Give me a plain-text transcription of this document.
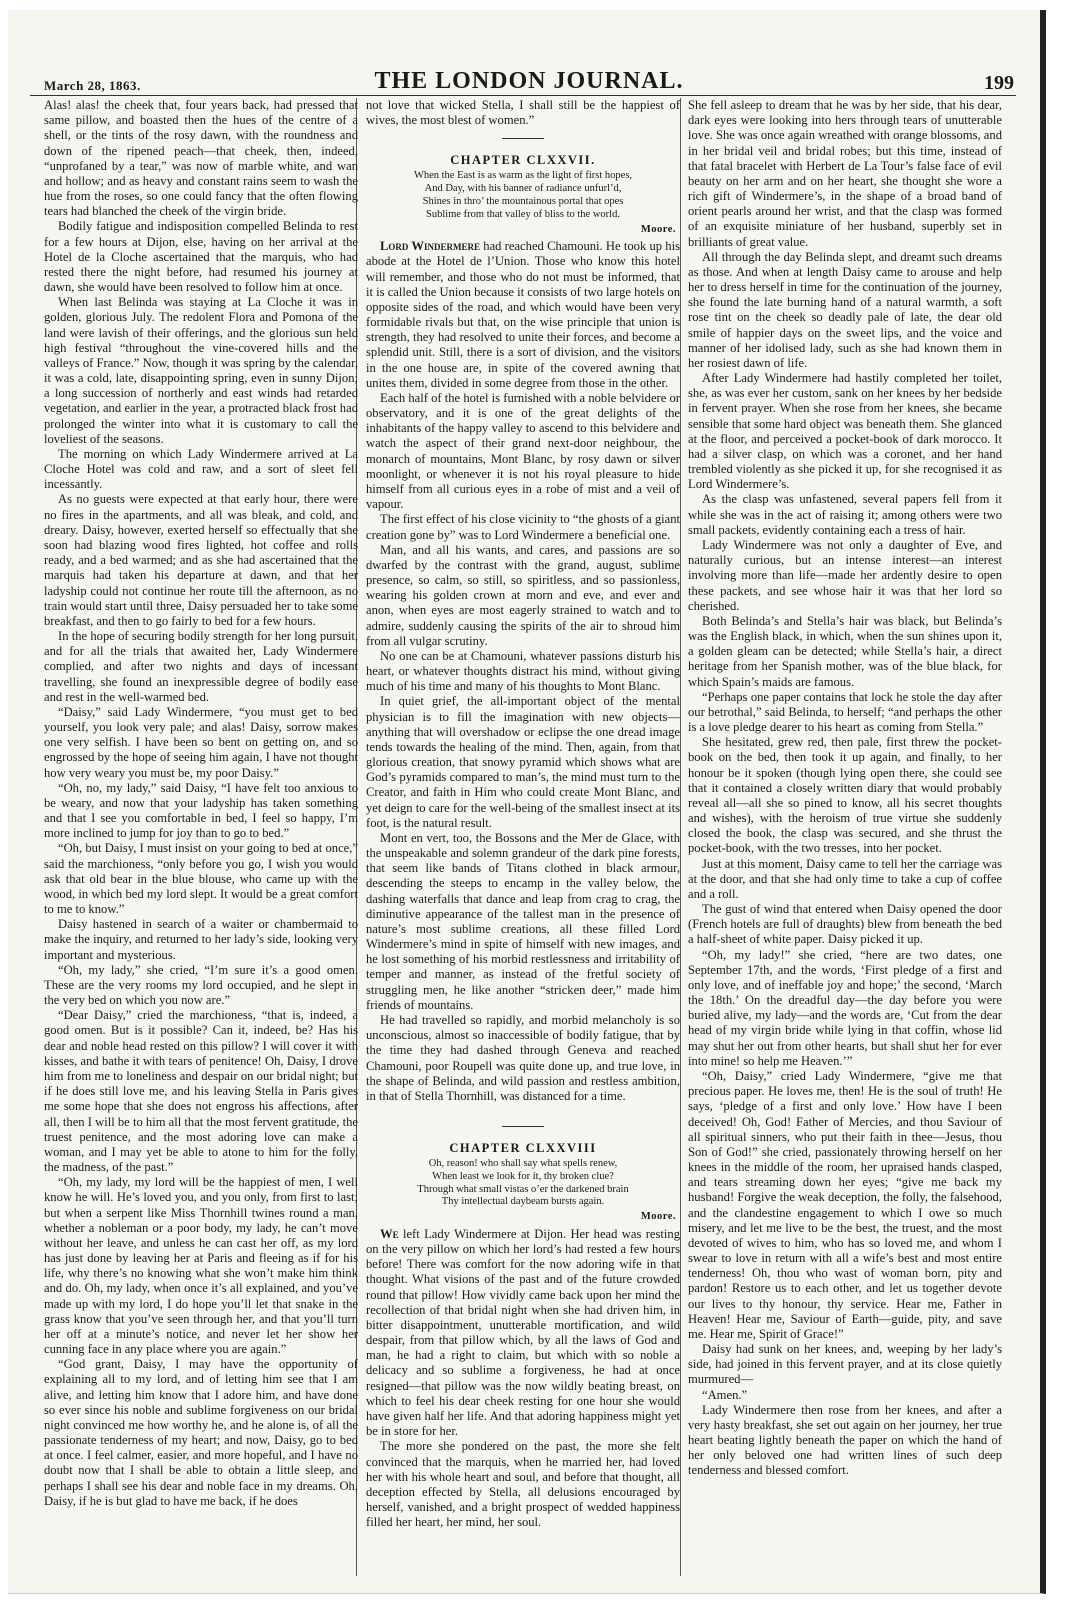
March 28, 1863.	THE LONDON JOURNAL.	199

Alas! alas! the cheek that, four years back, had pressed that same pillow, and boasted then the hues of the centre of a shell, or the tints of the rosy dawn, with the roundness and down of the ripened peach—that cheek, then, indeed, “unprofaned by a tear,” was now of marble white, and wan and hollow; and as heavy and constant rains seem to wash the hue from the roses, so one could fancy that the often flowing tears had blanched the cheek of the virgin bride.

Bodily fatigue and indisposition compelled Belinda to rest for a few hours at Dijon, else, having on her arrival at the Hotel de la Cloche ascertained that the marquis, who had rested there the night before, had resumed his journey at dawn, she would have been resolved to follow him at once.

When last Belinda was staying at La Cloche it was in golden, glorious July. The redolent Flora and Pomona of the land were lavish of their offerings, and the glorious sun held high festival “throughout the vine-covered hills and the valleys of France.” Now, though it was spring by the calendar, it was a cold, late, disappointing spring, even in sunny Dijon; a long succession of northerly and east winds had retarded vegetation, and earlier in the year, a protracted black frost had prolonged the winter into what it is customary to call the loveliest of the seasons.

The morning on which Lady Windermere arrived at La Cloche Hotel was cold and raw, and a sort of sleet fell incessantly.

As no guests were expected at that early hour, there were no fires in the apartments, and all was bleak, and cold, and dreary. Daisy, however, exerted herself so effectually that she soon had blazing wood fires lighted, hot coffee and rolls ready, and a bed warmed; and as she had ascertained that the marquis had taken his departure at dawn, and that her ladyship could not continue her route till the afternoon, as no train would start until three, Daisy persuaded her to take some breakfast, and then to go fairly to bed for a few hours.

In the hope of securing bodily strength for her long pursuit, and for all the trials that awaited her, Lady Windermere complied, and after two nights and days of incessant travelling, she found an inexpressible degree of bodily ease and rest in the well-warmed bed.

“Daisy,” said Lady Windermere, “you must get to bed yourself, you look very pale; and alas! Daisy, sorrow makes one very selfish. I have been so bent on getting on, and so engrossed by the hope of seeing him again, I have not thought how very weary you must be, my poor Daisy.”

“Oh, no, my lady,” said Daisy, “I have felt too anxious to be weary, and now that your ladyship has taken something and that I see you comfortable in bed, I feel so happy, I’m more inclined to jump for joy than to go to bed.”

“Oh, but Daisy, I must insist on your going to bed at once,” said the marchioness, “only before you go, I wish you would ask that old bear in the blue blouse, who came up with the wood, in which bed my lord slept. It would be a great comfort to me to know.”

Daisy hastened in search of a waiter or chambermaid to make the inquiry, and returned to her lady’s side, looking very important and mysterious.

“Oh, my lady,” she cried, “I’m sure it’s a good omen. These are the very rooms my lord occupied, and he slept in the very bed on which you now are.”

“Dear Daisy,” cried the marchioness, “that is, indeed, a good omen. But is it possible? Can it, indeed, be? Has his dear and noble head rested on this pillow? I will cover it with kisses, and bathe it with tears of penitence! Oh, Daisy, I drove him from me to loneliness and despair on our bridal night; but if he does still love me, and his leaving Stella in Paris gives me some hope that she does not engross his affections, after all, then I will be to him all that the most fervent gratitude, the truest penitence, and the most adoring love can make a woman, and I may yet be able to atone to him for the folly, the madness, of the past.”

“Oh, my lady, my lord will be the happiest of men, I well know he will. He’s loved you, and you only, from first to last; but when a serpent like Miss Thornhill twines round a man, whether a nobleman or a poor body, my lady, he can’t move without her leave, and unless he can cast her off, as my lord has just done by leaving her at Paris and fleeing as if for his life, why there’s no knowing what she won’t make him think and do. Oh, my lady, when once it’s all explained, and you’ve made up with my lord, I do hope you’ll let that snake in the grass know that you’ve seen through her, and that you’ll turn her off at a minute’s notice, and never let her show her cunning face in any place where you are again.”

“God grant, Daisy, I may have the opportunity of explaining all to my lord, and of letting him see that I am alive, and letting him know that I adore him, and have done so ever since his noble and sublime forgiveness on our bridal night convinced me how worthy he, and he alone is, of all the passionate tenderness of my heart; and now, Daisy, go to bed at once. I feel calmer, easier, and more hopeful, and I have no doubt now that I shall be able to obtain a little sleep, and perhaps I shall see his dear and noble face in my dreams. Oh, Daisy, if he is but glad to have me back, if he does

not love that wicked Stella, I shall still be the happiest of wives, the most blest of women.”

CHAPTER CLXXVII.
When the East is as warm as the light of first hopes,
And Day, with his banner of radiance unfurl’d,
Shines in thro’ the mountainous portal that opes
Sublime from that valley of bliss to the world.
Moore.

Lord Windermere had reached Chamouni. He took up his abode at the Hotel de l’Union. Those who know this hotel will remember, and those who do not must be informed, that it is called the Union because it consists of two large hotels on opposite sides of the road, and which would have been very formidable rivals but that, on the wise principle that union is strength, they had resolved to unite their forces, and become a splendid unit. Still, there is a sort of division, and the visitors in the one house are, in spite of the covered awning that unites them, divided in some degree from those in the other.

Each half of the hotel is furnished with a noble belvidere or observatory, and it is one of the great delights of the inhabitants of the happy valley to ascend to this belvidere and watch the aspect of their grand next-door neighbour, the monarch of mountains, Mont Blanc, by rosy dawn or silver moonlight, or whenever it is not his royal pleasure to hide himself from all curious eyes in a robe of mist and a veil of vapour.

The first effect of his close vicinity to “the ghosts of a giant creation gone by” was to Lord Windermere a beneficial one.

Man, and all his wants, and cares, and passions are so dwarfed by the contrast with the grand, august, sublime presence, so calm, so still, so spiritless, and so passionless, wearing his golden crown at morn and eve, and ever and anon, when eyes are most eagerly strained to watch and to admire, suddenly causing the spirits of the air to shroud him from all vulgar scrutiny.

No one can be at Chamouni, whatever passions disturb his heart, or whatever thoughts distract his mind, without giving much of his time and many of his thoughts to Mont Blanc.

In quiet grief, the all-important object of the mental physician is to fill the imagination with new objects—anything that will overshadow or eclipse the one dread image tends towards the healing of the mind. Then, again, from that glorious creation, that snowy pyramid which shows what are God’s pyramids compared to man’s, the mind must turn to the Creator, and faith in Him who could create Mont Blanc, and yet deign to care for the well-being of the smallest insect at its foot, is the natural result.

Mont en vert, too, the Bossons and the Mer de Glace, with the unspeakable and solemn grandeur of the dark pine forests, that seem like bands of Titans clothed in black armour, descending the steeps to encamp in the valley below, the dashing waterfalls that dance and leap from crag to crag, the diminutive appearance of the tallest man in the presence of nature’s most sublime creations, all these filled Lord Windermere’s mind in spite of himself with new images, and he lost something of his morbid restlessness and irritability of temper and manner, as instead of the fretful society of struggling men, he like another “stricken deer,” made him friends of mountains.

He had travelled so rapidly, and morbid melancholy is so unconscious, almost so inaccessible of bodily fatigue, that by the time they had dashed through Geneva and reached Chamouni, poor Roupell was quite done up, and true love, in the shape of Belinda, and wild passion and restless ambition, in that of Stella Thornhill, was distanced for a time.

CHAPTER CLXXVIII
Oh, reason! who shall say what spells renew,
When least we look for it, thy broken clue?
Through what small vistas o’er the darkened brain
Thy intellectual daybeam bursts again.
Moore.

We left Lady Windermere at Dijon. Her head was resting on the very pillow on which her lord’s had rested a few hours before! There was comfort for the now adoring wife in that thought. What visions of the past and of the future crowded round that pillow! How vividly came back upon her mind the recollection of that bridal night when she had driven him, in bitter disappointment, unutterable mortification, and wild despair, from that pillow which, by all the laws of God and man, he had a right to claim, but which with so noble a delicacy and so sublime a forgiveness, he had at once resigned—that pillow was the now wildly beating breast, on which to feel his dear cheek resting for one hour she would have given half her life. And that adoring happiness might yet be in store for her.

The more she pondered on the past, the more she felt convinced that the marquis, when he married her, had loved her with his whole heart and soul, and before that thought, all deception effected by Stella, all delusions encouraged by herself, vanished, and a bright prospect of wedded happiness filled her heart, her mind, her soul.

She fell asleep to dream that he was by her side, that his dear, dark eyes were looking into hers through tears of unutterable love. She was once again wreathed with orange blossoms, and in her bridal veil and bridal robes; but this time, instead of that fatal bracelet with Herbert de La Tour’s false face of evil beauty on her arm and on her heart, she thought she wore a rich gift of Windermere’s, in the shape of a broad band of orient pearls around her wrist, and that the clasp was formed of an exquisite miniature of her husband, superbly set in brilliants of great value.

All through the day Belinda slept, and dreamt such dreams as those. And when at length Daisy came to arouse and help her to dress herself in time for the continuation of the journey, she found the late burning hand of a natural warmth, a soft rose tint on the cheek so deadly pale of late, the dear old smile of happier days on the sweet lips, and the voice and manner of her idolised lady, such as she had known them in her rosiest dawn of life.

After Lady Windermere had hastily completed her toilet, she, as was ever her custom, sank on her knees by her bedside in fervent prayer. When she rose from her knees, she became sensible that some hard object was beneath them. She glanced at the floor, and perceived a pocket-book of dark morocco. It had a silver clasp, on which was a coronet, and her hand trembled violently as she picked it up, for she recognised it as Lord Windermere’s.

As the clasp was unfastened, several papers fell from it while she was in the act of raising it; among others were two small packets, evidently containing each a tress of hair.

Lady Windermere was not only a daughter of Eve, and naturally curious, but an intense interest—an interest involving more than life—made her ardently desire to open these packets, and see whose hair it was that her lord so cherished.

Both Belinda’s and Stella’s hair was black, but Belinda’s was the English black, in which, when the sun shines upon it, a golden gleam can be detected; while Stella’s hair, a direct heritage from her Spanish mother, was of the blue black, for which Spain’s maids are famous.

“Perhaps one paper contains that lock he stole the day after our betrothal,” said Belinda, to herself; “and perhaps the other is a love pledge dearer to his heart as coming from Stella.”

She hesitated, grew red, then pale, first threw the pocket-book on the bed, then took it up again, and finally, to her honour be it spoken (though lying open there, she could see that it contained a closely written diary that would probably reveal all—all she so pined to know, all his secret thoughts and wishes), with the heroism of true virtue she suddenly closed the book, the clasp was secured, and she thrust the pocket-book, with the two tresses, into her pocket.

Just at this moment, Daisy came to tell her the carriage was at the door, and that she had only time to take a cup of coffee and a roll.

The gust of wind that entered when Daisy opened the door (French hotels are full of draughts) blew from beneath the bed a half-sheet of white paper. Daisy picked it up.

“Oh, my lady!” she cried, “here are two dates, one September 17th, and the words, ‘First pledge of a first and only love, and of ineffable joy and hope;’ the second, ‘March the 18th.’ On the dreadful day—the day before you were buried alive, my lady—and the words are, ‘Cut from the dear head of my virgin bride while lying in that coffin, whose lid may shut her out from other hearts, but shall shut her for ever into mine! so help me Heaven.’”

“Oh, Daisy,” cried Lady Windermere, “give me that precious paper. He loves me, then! He is the soul of truth! He says, ‘pledge of a first and only love.’ How have I been deceived! Oh, God! Father of Mercies, and thou Saviour of all spiritual sinners, who put their faith in thee—Jesus, thou Son of God!” she cried, passionately throwing herself on her knees in the middle of the room, her upraised hands clasped, and tears streaming down her eyes; “give me back my husband! Forgive the weak deception, the folly, the falsehood, and the clandestine engagement to which I owe so much misery, and let me live to be the best, the truest, and the most devoted of wives to him, who has so loved me, and whom I swear to love in return with all a wife’s best and most entire tenderness! Oh, thou who wast of woman born, pity and pardon! Restore us to each other, and let us together devote our lives to thy honour, thy service. Hear me, Father in Heaven! Hear me, Saviour of Earth—guide, pity, and save me. Hear me, Spirit of Grace!”

Daisy had sunk on her knees, and, weeping by her lady’s side, had joined in this fervent prayer, and at its close quietly murmured—

“Amen.”

Lady Windermere then rose from her knees, and after a very hasty breakfast, she set out again on her journey, her true heart beating lightly beneath the paper on which the hand of her only beloved one had written lines of such deep tenderness and blessed comfort.
